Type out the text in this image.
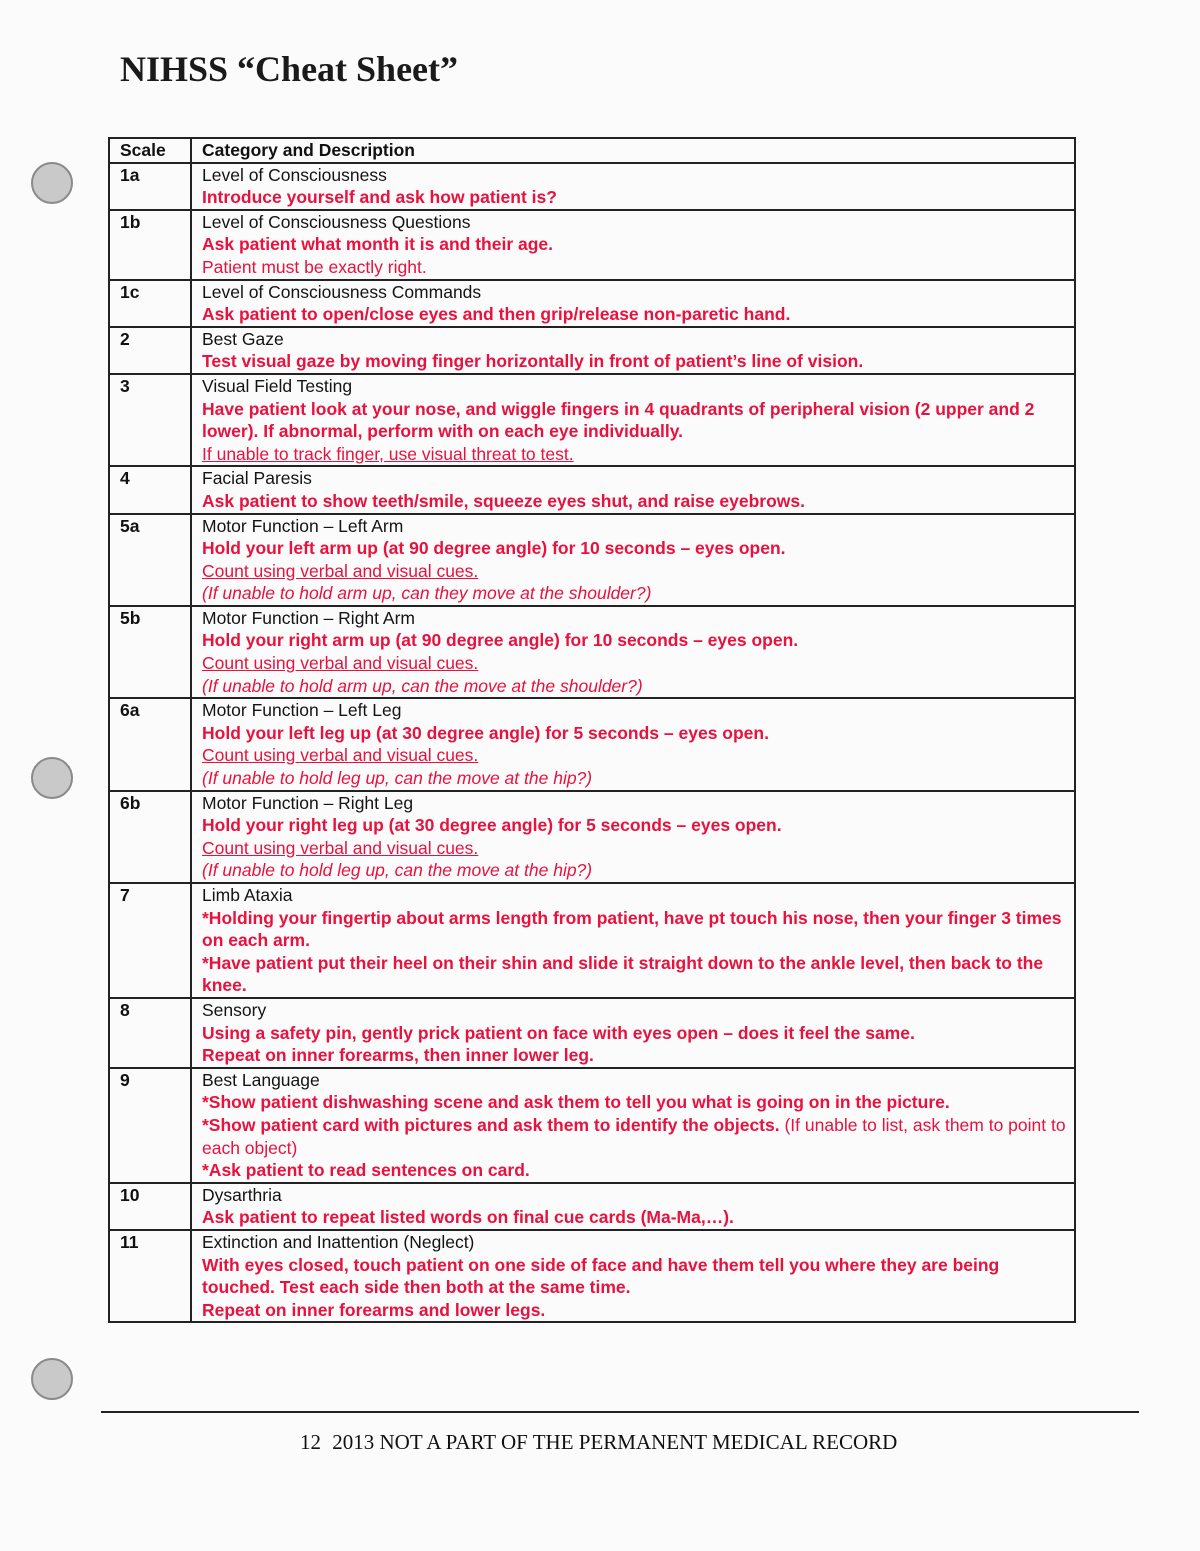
NIHSS “Cheat Sheet”
Scale	Category and Description
1a	Level of Consciousness
Introduce yourself and ask how patient is?

1b	Level of Consciousness Questions
Ask patient what month it is and their age.
Patient must be exactly right.

1c	Level of Consciousness Commands
Ask patient to open/close eyes and then grip/release non-paretic hand.

2	Best Gaze
Test visual gaze by moving finger horizontally in front of patient’s line of vision.

3	Visual Field Testing
Have patient look at your nose, and wiggle fingers in 4 quadrants of peripheral vision (2 upper and 2 lower). If abnormal, perform with on each eye individually.
If unable to track finger, use visual threat to test.

4	Facial Paresis
Ask patient to show teeth/smile, squeeze eyes shut, and raise eyebrows.

5a	Motor Function – Left Arm
Hold your left arm up (at 90 degree angle) for 10 seconds – eyes open.
Count using verbal and visual cues.
(If unable to hold arm up, can they move at the shoulder?)

5b	Motor Function – Right Arm
Hold your right arm up (at 90 degree angle) for 10 seconds – eyes open.
Count using verbal and visual cues.
(If unable to hold arm up, can the move at the shoulder?)

6a	Motor Function – Left Leg
Hold your left leg up (at 30 degree angle) for 5 seconds – eyes open.
Count using verbal and visual cues.
(If unable to hold leg up, can the move at the hip?)

6b	Motor Function – Right Leg
Hold your right leg up (at 30 degree angle) for 5 seconds – eyes open.
Count using verbal and visual cues.
(If unable to hold leg up, can the move at the hip?)

7	Limb Ataxia
*Holding your fingertip about arms length from patient, have pt touch his nose, then your finger 3 times on each arm.
*Have patient put their heel on their shin and slide it straight down to the ankle level, then back to the knee.

8	Sensory
Using a safety pin, gently prick patient on face with eyes open – does it feel the same.
Repeat on inner forearms, then inner lower leg.

9	Best Language
*Show patient dishwashing scene and ask them to tell you what is going on in the picture.
*Show patient card with pictures and ask them to identify the objects. (If unable to list, ask them to point to each object)
*Ask patient to read sentences on card.

10	Dysarthria
Ask patient to repeat listed words on final cue cards (Ma-Ma,…).

11	Extinction and Inattention (Neglect)
With eyes closed, touch patient on one side of face and have them tell you where they are being touched. Test each side then both at the same time.
Repeat on inner forearms and lower legs.
12 2013 NOT A PART OF THE PERMANENT MEDICAL RECORD
